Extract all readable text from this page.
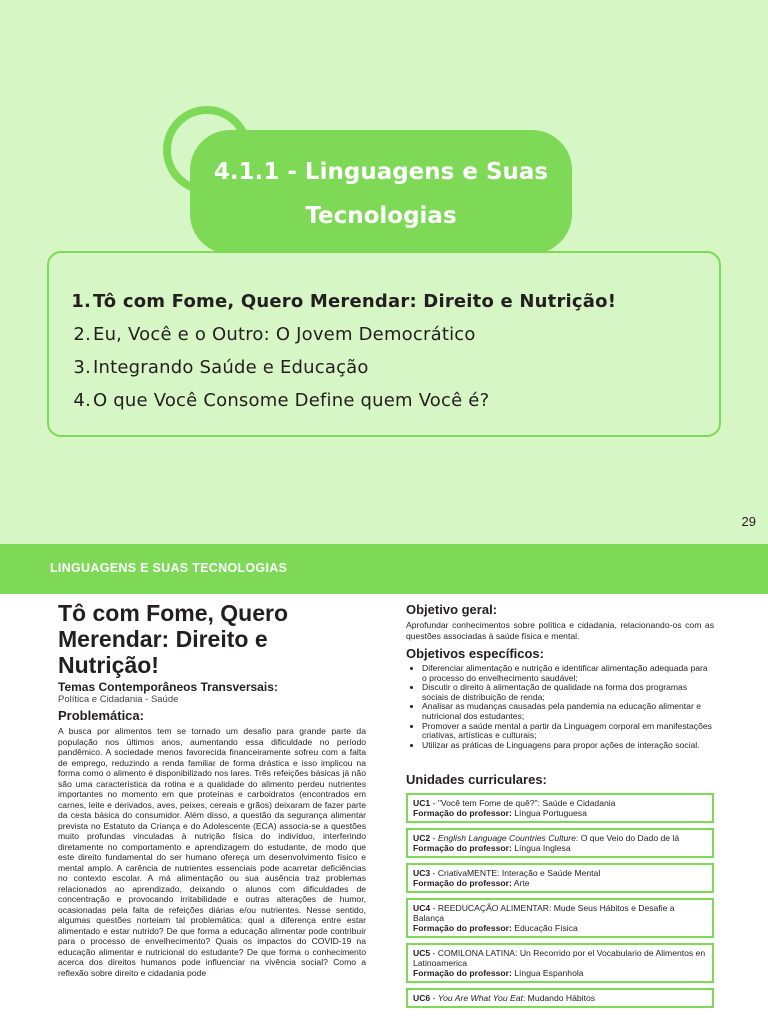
4.1.1 - Linguagens e Suas
Tecnologias
1. Tô com Fome, Quero Merendar: Direito e Nutrição!
2. Eu, Você e o Outro: O Jovem Democrático
3. Integrando Saúde e Educação
4. O que Você Consome Define quem Você é?
29
LINGUAGENS E SUAS TECNOLOGIAS
Tô com Fome, Quero
Merendar: Direito e
Nutrição!
Temas Contemporâneos Transversais:

Política e Cidadania - Saúde

Problemática:

A busca por alimentos tem se tornado um desafio para grande parte da população nos últimos anos, aumentando essa dificuldade no período pandêmico. A sociedade menos favorecida financeiramente sofreu com a falta de emprego, reduzindo a renda familiar de forma drástica e isso implicou na forma como o alimento é disponibilizado nos lares. Três refeições básicas já não são uma característica da rotina e a qualidade do alimento perdeu nutrientes importantes no momento em que proteínas e carboidratos (encontrados em carnes, leite e derivados, aves, peixes, cereais e grãos) deixaram de fazer parte da cesta básica do consumidor. Além disso, a questão da segurança alimentar prevista no Estatuto da Criança e do Adolescente (ECA) associa-se a questões muito profundas vinculadas à nutrição física do indivíduo, interferindo diretamente no comportamento e aprendizagem do estudante, de modo que este direito fundamental do ser humano ofereça um desenvolvimento físico e mental amplo. A carência de nutrientes essenciais pode acarretar deficiências no contexto escolar. A má alimentação ou sua ausência traz problemas relacionados ao aprendizado, deixando o alunos com dificuldades de concentração e provocando irritabilidade e outras alterações de humor, ocasionadas pela falta de refeições diárias e/ou nutrientes. Nesse sentido, algumas questões norteiam tal problemática: qual a diferença entre estar alimentado e estar nutrido? De que forma a educação alimentar pode contribuir para o processo de envelhecimento? Quais os impactos do COVID-19 na educação alimentar e nutricional do estudante? De que forma o conhecimento acerca dos direitos humanos pode influenciar na vivência social? Como a reflexão sobre direito e cidadania pode

Objetivo geral:

Aprofundar conhecimentos sobre política e cidadania, relacionando-os com as questões associadas à saúde física e mental.

Objetivos específicos:
• Diferenciar alimentação e nutrição e identificar alimentação adequada para o processo do envelhecimento saudável;
• Discutir o direito à alimentação de qualidade na forma dos programas sociais de distribuição de renda;
• Analisar as mudanças causadas pela pandemia na educação alimentar e nutricional dos estudantes;
• Promover a saúde mental a partir da Linguagem corporal em manifestações criativas, artísticas e culturais;
• Utilizar as práticas de Linguagens para propor ações de interação social.
Unidades curriculares:
UC1 - "Você tem Fome de quê?": Saúde e Cidadania
Formação do professor: Língua Portuguesa
UC2 - English Language Countries Culture: O que Veio do Dado de lá
Formação do professor: Língua Inglesa
UC3 - CriativaMENTE: Interação e Saúde Mental
Formação do professor: Arte
UC4 - REEDUCAÇÃO ALIMENTAR: Mude Seus Hábitos e Desafie a Balança
Formação do professor: Educação Física
UC5 - COMILONA LATINA: Un Recorrido por el Vocabulario de Alimentos en Latinoamerica
Formação do professor: Língua Espanhola
UC6 - You Are What You Eat: Mudando Hábitos
